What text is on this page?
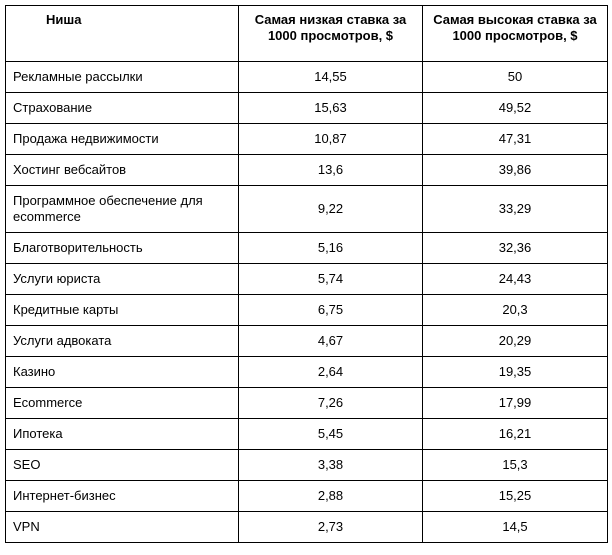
Ниша	Самая низкая ставка за 1000 просмотров, $	Самая высокая ставка за 1000 просмотров, $
Рекламные рассылки	14,55	50
Страхование	15,63	49,52
Продажа недвижимости	10,87	47,31
Хостинг вебсайтов	13,6	39,86
Программное обеспечение для ecommerce	9,22	33,29
Благотворительность	5,16	32,36
Услуги юриста	5,74	24,43
Кредитные карты	6,75	20,3
Услуги адвоката	4,67	20,29
Казино	2,64	19,35
Ecommerce	7,26	17,99
Ипотека	5,45	16,21
SEO	3,38	15,3
Интернет-бизнес	2,88	15,25
VPN	2,73	14,5
